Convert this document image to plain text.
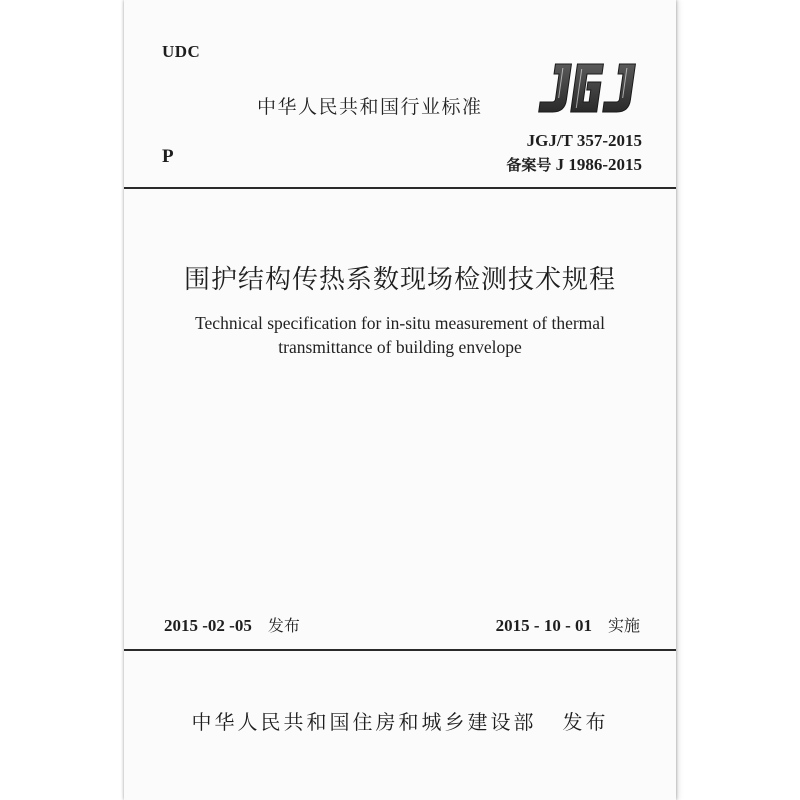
UDC
中华人民共和国行业标准
JGJ/T 357-2015
备案号 J 1986-2015
P
围护结构传热系数现场检测技术规程
Technical specification for in-situ measurement of thermal
transmittance of building envelope
2015 -02 -05 发布	2015 - 10 - 01 实施
中华人民共和国住房和城乡建设部 发布
